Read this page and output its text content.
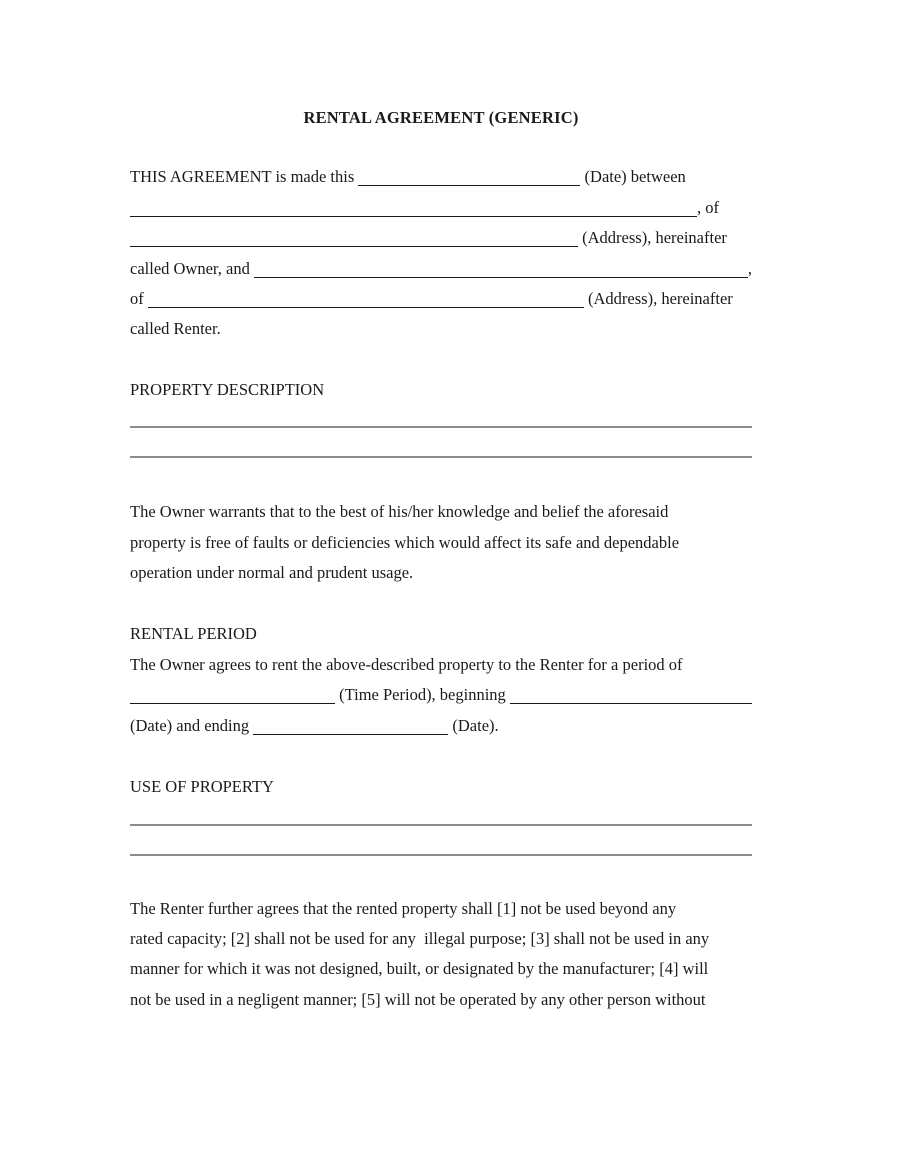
RENTAL AGREEMENT (GENERIC)
THIS AGREEMENT is made this	(Date) between
, of
(Address), hereinafter
called Owner, and	,
of	(Address), hereinafter
called Renter.
PROPERTY DESCRIPTION
The Owner warrants that to the best of his/her knowledge and belief the aforesaid
property is free of faults or deficiencies which would affect its safe and dependable
operation under normal and prudent usage.
RENTAL PERIOD
The Owner agrees to rent the above-described property to the Renter for a period of
(Time Period), beginning
(Date) and ending	(Date).
USE OF PROPERTY
The Renter further agrees that the rented property shall [1] not be used beyond any
rated capacity; [2] shall not be used for any  illegal purpose; [3] shall not be used in any
manner for which it was not designed, built, or designated by the manufacturer; [4] will
not be used in a negligent manner; [5] will not be operated by any other person without
